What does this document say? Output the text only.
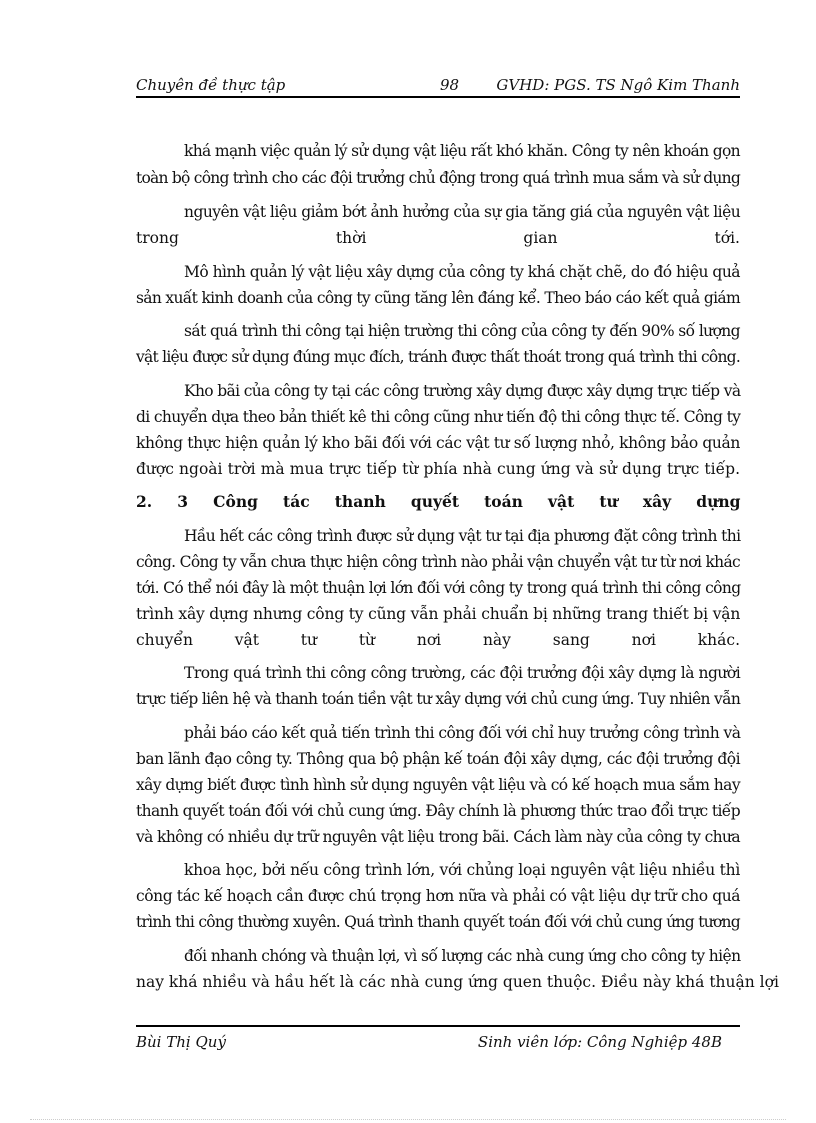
Chuyên đề thực tập	98 GVHD: PGS. TS Ngô Kim Thanh
khá mạnh việc quản lý sử dụng vật liệu rất khó khăn. Công ty nên khoán gọn
toàn bộ công trình cho các đội trưởng chủ động trong quá trình mua sắm và sử dụng
nguyên vật liệu giảm bớt ảnh hưởng của sự gia tăng giá của nguyên vật liệu
trong thời gian tới.
Mô hình quản lý vật liệu xây dựng của công ty khá chặt chẽ, do đó hiệu quả
sản xuất kinh doanh của công ty cũng tăng lên đáng kể. Theo báo cáo kết quả giám
sát quá trình thi công tại hiện trường thi công của công ty đến 90% số lượng
vật liệu được sử dụng đúng mục đích, tránh được thất thoát trong quá trình thi công.
Kho bãi của công ty tại các công trường xây dựng được xây dựng trực tiếp và
di chuyển dựa theo bản thiết kê thi công cũng như tiến độ thi công thực tế. Công ty
không thực hiện quản lý kho bãi đối với các vật tư số lượng nhỏ, không bảo quản
được ngoài trời mà mua trực tiếp từ phía nhà cung ứng và sử dụng trực tiếp.
2. 3 Công tác thanh quyết toán vật tư xây dựng
Hầu hết các công trình được sử dụng vật tư tại địa phương đặt công trình thi
công. Công ty vẫn chưa thực hiện công trình nào phải vận chuyển vật tư từ nơi khác
tới. Có thể nói đây là một thuận lợi lớn đối với công ty trong quá trình thi công công
trình xây dựng nhưng công ty cũng vẫn phải chuẩn bị những trang thiết bị vận
chuyển vật tư từ nơi này sang nơi khác.
Trong quá trình thi công công trường, các đội trưởng đội xây dựng là người
trực tiếp liên hệ và thanh toán tiền vật tư xây dựng với chủ cung ứng. Tuy nhiên vẫn
phải báo cáo kết quả tiến trình thi công đối với chỉ huy trưởng công trình và
ban lãnh đạo công ty. Thông qua bộ phận kế toán đội xây dựng, các đội trưởng đội
xây dựng biết được tình hình sử dụng nguyên vật liệu và có kế hoạch mua sắm hay
thanh quyết toán đối với chủ cung ứng. Đây chính là phương thức trao đổi trực tiếp
và không có nhiều dự trữ nguyên vật liệu trong bãi. Cách làm này của công ty chưa
khoa học, bởi nếu công trình lớn, với chủng loại nguyên vật liệu nhiều thì
công tác kế hoạch cần được chú trọng hơn nữa và phải có vật liệu dự trữ cho quá
trình thi công thường xuyên. Quá trình thanh quyết toán đối với chủ cung ứng tương
đối nhanh chóng và thuận lợi, vì số lượng các nhà cung ứng cho công ty hiện
nay khá nhiều và hầu hết là các nhà cung ứng quen thuộc. Điều này khá thuận lợi
Bùi Thị Quý	Sinh viên lớp: Công Nghiệp 48B
